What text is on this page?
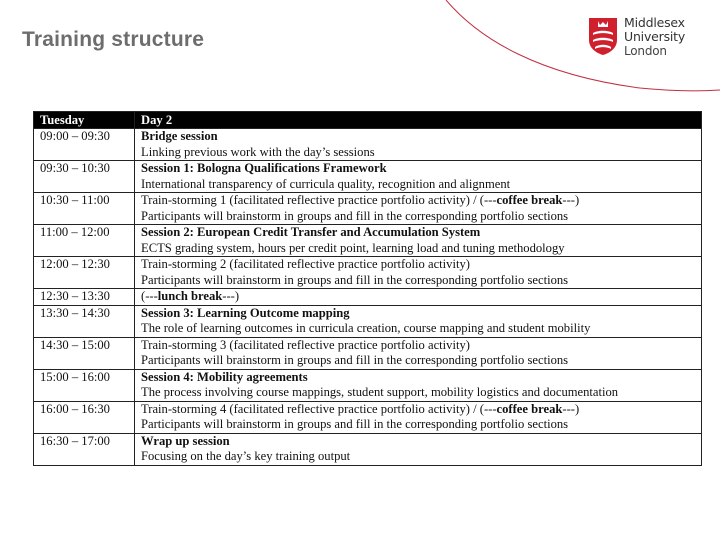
Training structure
Middlesex
University
London
Tuesday	Day 2
09:00 – 09:30	Bridge session
Linking previous work with the day’s sessions

09:30 – 10:30	Session 1: Bologna Qualifications Framework
International transparency of curricula quality, recognition and alignment

10:30 – 11:00	Train-storming 1 (facilitated reflective practice portfolio activity) / (---coffee break---)
Participants will brainstorm in groups and fill in the corresponding portfolio sections

11:00 – 12:00	Session 2: European Credit Transfer and Accumulation System
ECTS grading system, hours per credit point, learning load and tuning methodology

12:00 – 12:30	Train-storming 2 (facilitated reflective practice portfolio activity)
Participants will brainstorm in groups and fill in the corresponding portfolio sections

12:30 – 13:30	(---lunch break---)

13:30 – 14:30	Session 3: Learning Outcome mapping
The role of learning outcomes in curricula creation, course mapping and student mobility

14:30 – 15:00	Train-storming 3 (facilitated reflective practice portfolio activity)
Participants will brainstorm in groups and fill in the corresponding portfolio sections

15:00 – 16:00	Session 4: Mobility agreements
The process involving course mappings, student support, mobility logistics and documentation

16:00 – 16:30	Train-storming 4 (facilitated reflective practice portfolio activity) / (---coffee break---)
Participants will brainstorm in groups and fill in the corresponding portfolio sections

16:30 – 17:00	Wrap up session
Focusing on the day’s key training output
